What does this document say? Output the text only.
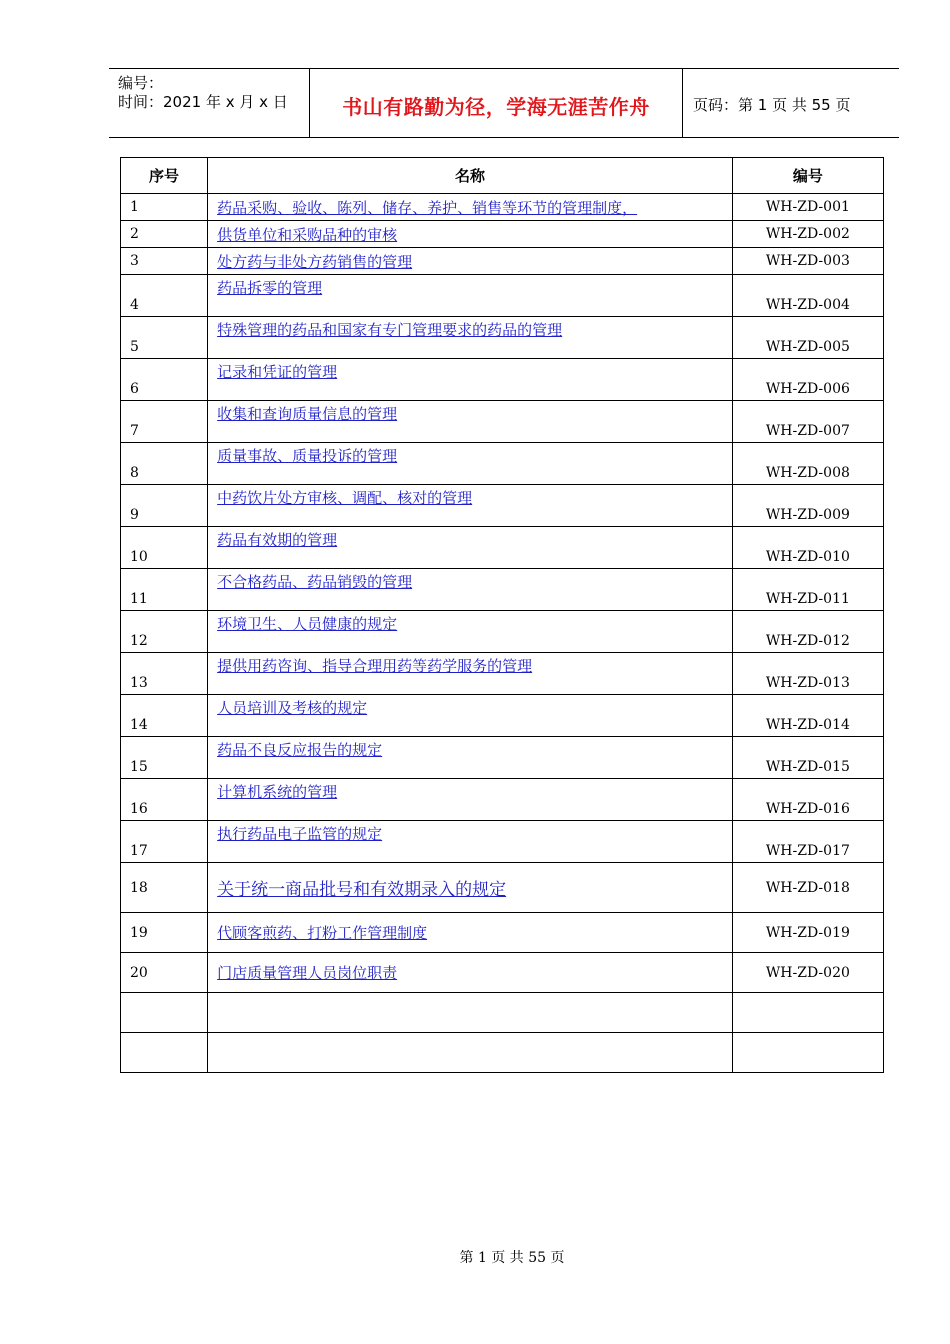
编号：
时间：2021 年 x 月 x 日	书山有路勤为径，学海无涯苦作舟	页码：第 1 页 共 55 页
序号	名称	编号
1	药品采购、验收、陈列、储存、养护、销售等环节的管理制度，	WH-ZD-001
2	供货单位和采购品种的审核	WH-ZD-002
3	处方药与非处方药销售的管理	WH-ZD-003

4	药品拆零的管理	WH-ZD-004

5	特殊管理的药品和国家有专门管理要求的药品的管理	WH-ZD-005

6	记录和凭证的管理	WH-ZD-006

7	收集和查询质量信息的管理	WH-ZD-007

8	质量事故、质量投诉的管理	WH-ZD-008

9	中药饮片处方审核、调配、核对的管理	WH-ZD-009

10	药品有效期的管理	WH-ZD-010

11	不合格药品、药品销毁的管理	WH-ZD-011

12	环境卫生、人员健康的规定	WH-ZD-012

13	提供用药咨询、指导合理用药等药学服务的管理	WH-ZD-013

14	人员培训及考核的规定	WH-ZD-014

15	药品不良反应报告的规定	WH-ZD-015

16	计算机系统的管理	WH-ZD-016

17	执行药品电子监管的规定	WH-ZD-017

18	关于统一商品批号和有效期录入的规定	WH-ZD-018
19	代顾客煎药、打粉工作管理制度	WH-ZD-019
20	门店质量管理人员岗位职责	WH-ZD-020

第 1 页 共 55 页
